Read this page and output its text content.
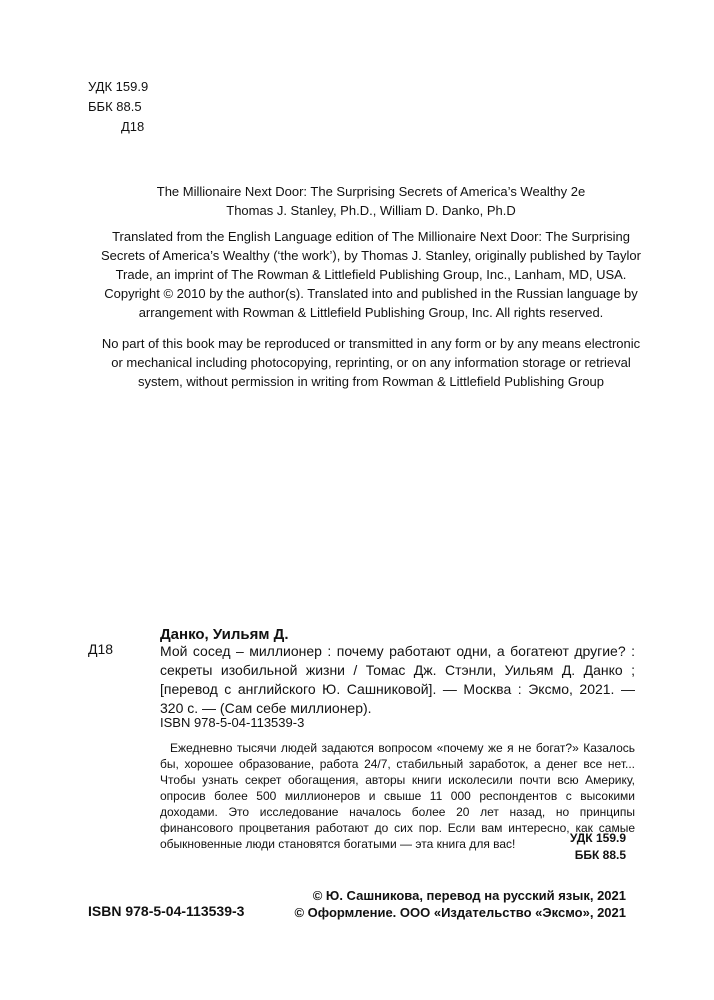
УДК 159.9
ББК 88.5
Д18

The Millionaire Next Door: The Surprising Secrets of America’s Wealthy 2e

Thomas J. Stanley, Ph.D., William D. Danko, Ph.D

Translated from the English Language edition of The Millionaire Next Door: The Surprising Secrets of America’s Wealthy (‘the work’), by Thomas J. Stanley, originally published by Taylor Trade, an imprint of The Rowman & Littlefield Publishing Group, Inc., Lanham, MD, USA. Copyright © 2010 by the author(s). Translated into and published in the Russian language by arrangement with Rowman & Littlefield Publishing Group, Inc. All rights reserved.

No part of this book may be reproduced or transmitted in any form or by any means electronic or mechanical including photocopying, reprinting, or on any information storage or retrieval system, without permission in writing from Rowman & Littlefield Publishing Group

Д18
Данко, Уильям Д.
Мой сосед – миллионер : почему работают одни, а богатеют другие? : секреты изобильной жизни / Томас Дж. Стэнли, Уильям Д. Данко ; [перевод с английского Ю. Сашниковой]. — Москва : Эксмо, 2021. — 320 с. — (Сам себе миллионер).
ISBN 978-5-04-113539-3
Ежедневно тысячи людей задаются вопросом «почему же я не богат?» Казалось бы, хорошее образование, работа 24/7, стабильный заработок, а денег все нет... Чтобы узнать секрет обогащения, авторы книги исколесили почти всю Америку, опросив более 500 миллионеров и свыше 11 000 респондентов с высокими доходами. Это исследование началось более 20 лет назад, но принципы финансового процветания работают до сих пор. Если вам интересно, как самые обыкновенные люди становятся богатыми — эта книга для вас!	УДК 159.9
ББК 88.5
ISBN 978-5-04-113539-3
© Ю. Сашникова, перевод на русский язык, 2021
© Оформление. ООО «Издательство «Эксмо», 2021
